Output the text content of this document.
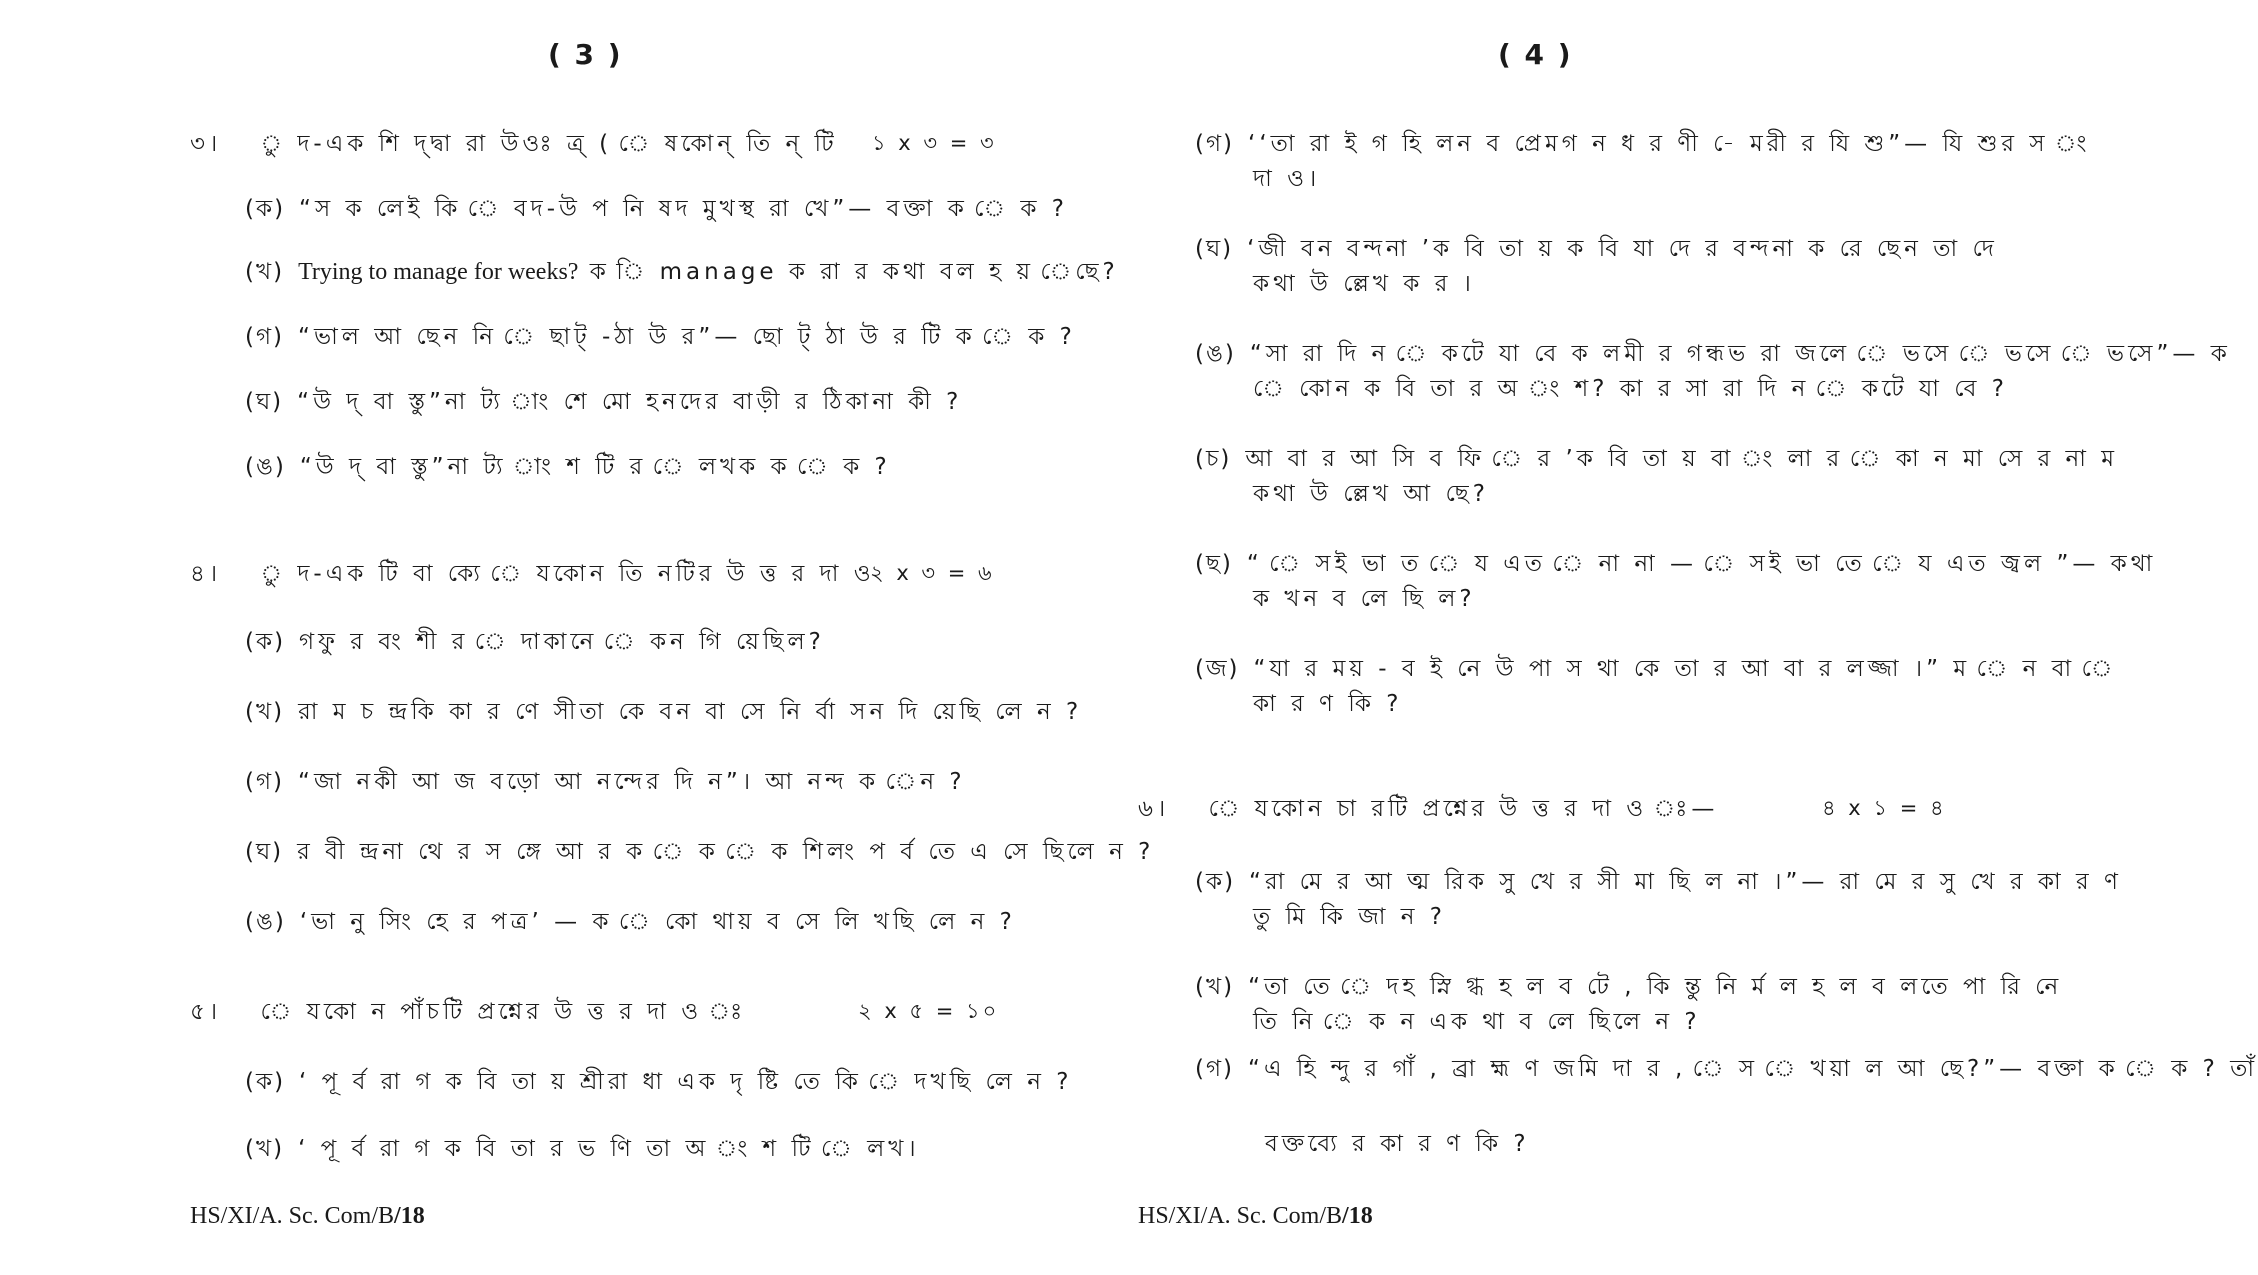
( 3 )
৩। ু দ-এক শি দ্দ্বা রা উওঃ ত্র্ ( ে ষকোন্ তি ন্ টি ১ x ৩ = ৩
(ক) “স ক লেই কি ে বদ-উ প নি ষদ মুখস্থ রা খে”— বক্তা ক ে ক ?
(খ) Trying to manage for weeks? ক ি manage ক রা র কথা বল হ য় েছে?
(গ) “ভাল আ ছেন নি ে ছাট্ -ঠা উ র”— ছো ট্ ঠা উ র টি ক ে ক ?
(ঘ) “উ দ্ বা স্তু”না ট্য াং শে মো হনদের বাড়ী র ঠিকানা কী ?
(ঙ) “উ দ্ বা স্তু”না ট্য াং শ টি র ে লখক ক ে ক ?
৪। ু দ-এক টি বা ক্যে ে যকোন তি নটির উ ত্ত র দা ও
২ x ৩ = ৬
(ক) গফু র বং শী র ে দাকানে ে কন গি য়েছিল?
(খ) রা ম চ ন্দ্রকি কা র ণে সীতা কে বন বা সে নি র্বা সন দি য়েছি লে ন ?
(গ) “জা নকী আ জ বড়ো আ নন্দের দি ন”। আ নন্দ ক েন ?
(ঘ) র বী ন্দ্রনা থে র স ঙ্গে আ র ক ে ক ে ক শিলং প র্ব তে এ সে ছিলে ন ?
(ঙ) ‘ভা নু সিং হে র পত্র’ — ক ে কো থায় ব সে লি খছি লে ন ?
৫। ে যকো ন পাঁচটি প্রশ্নের উ ত্ত র দা ও ঃ	২ x ৫ = ১০
(ক) ‘ পূ র্ব রা গ ক বি তা য় শ্রীরা ধা এক দৃ ষ্টি তে কি ে দখছি লে ন ?
(খ) ‘ পূ র্ব রা গ ক বি তা র ভ ণি তা অ ং শ টি ে লখ।
HS/XI/A. Sc. Com/B/18
( 4 )
(গ) ‘‘তা রা ই গ হি লন ব প্রেমগ ন ধ র ণী -ে মরী র যি শু”— যি শুর স ং
দা ও।
(ঘ) ‘জী বন বন্দনা ’ক বি তা য় ক বি যা দে র বন্দনা ক রে ছেন তা দে
কথা উ ল্লেখ ক র ।
(ঙ) “সা রা দি ন ে কটে যা বে ক লমী র গন্ধভ রা জলে ে ভসে ে ভসে ে ভসে”— ক
ে কোন ক বি তা র অ ং শ? কা র সা রা দি ন ে কটে যা বে ?
(চ) আ বা র আ সি ব ফি ে র ’ক বি তা য় বা ং লা র ে কা ন মা সে র না ম
কথা উ ল্লেখ আ ছে?
(ছ) “ ে সই ভা ত ে য এত ে না না — ে সই ভা তে ে য এত জ্বল ”— কথা
ক খন ব লে ছি ল?
(জ) “যা র ময় - ব ই নে উ পা স থা কে তা র আ বা র লজ্জা ।” ম ে ন বা ে
কা র ণ কি ?
৬। ে যকোন চা রটি প্রশ্নের উ ত্ত র দা ও ঃ—	৪ x ১ = ৪
(ক) “রা মে র আ ত্ম রিক সু খে র সী মা ছি ল না ।”— রা মে র সু খে র কা র ণ
তু মি কি জা ন ?
(খ) “তা তে ে দহ স্নি গ্ধ হ ল ব টে , কি ন্তু নি র্ম ল হ ল ব লতে পা রি নে
তি নি ে ক ন এক থা ব লে ছিলে ন ?
(গ) “এ হি ন্দু র গাঁ , ব্রা হ্ম ণ জমি দা র , ে স ে খয়া ল আ ছে?”— বক্তা ক ে ক ? তাঁ
বক্তব্যে র কা র ণ কি ?
HS/XI/A. Sc. Com/B/18
